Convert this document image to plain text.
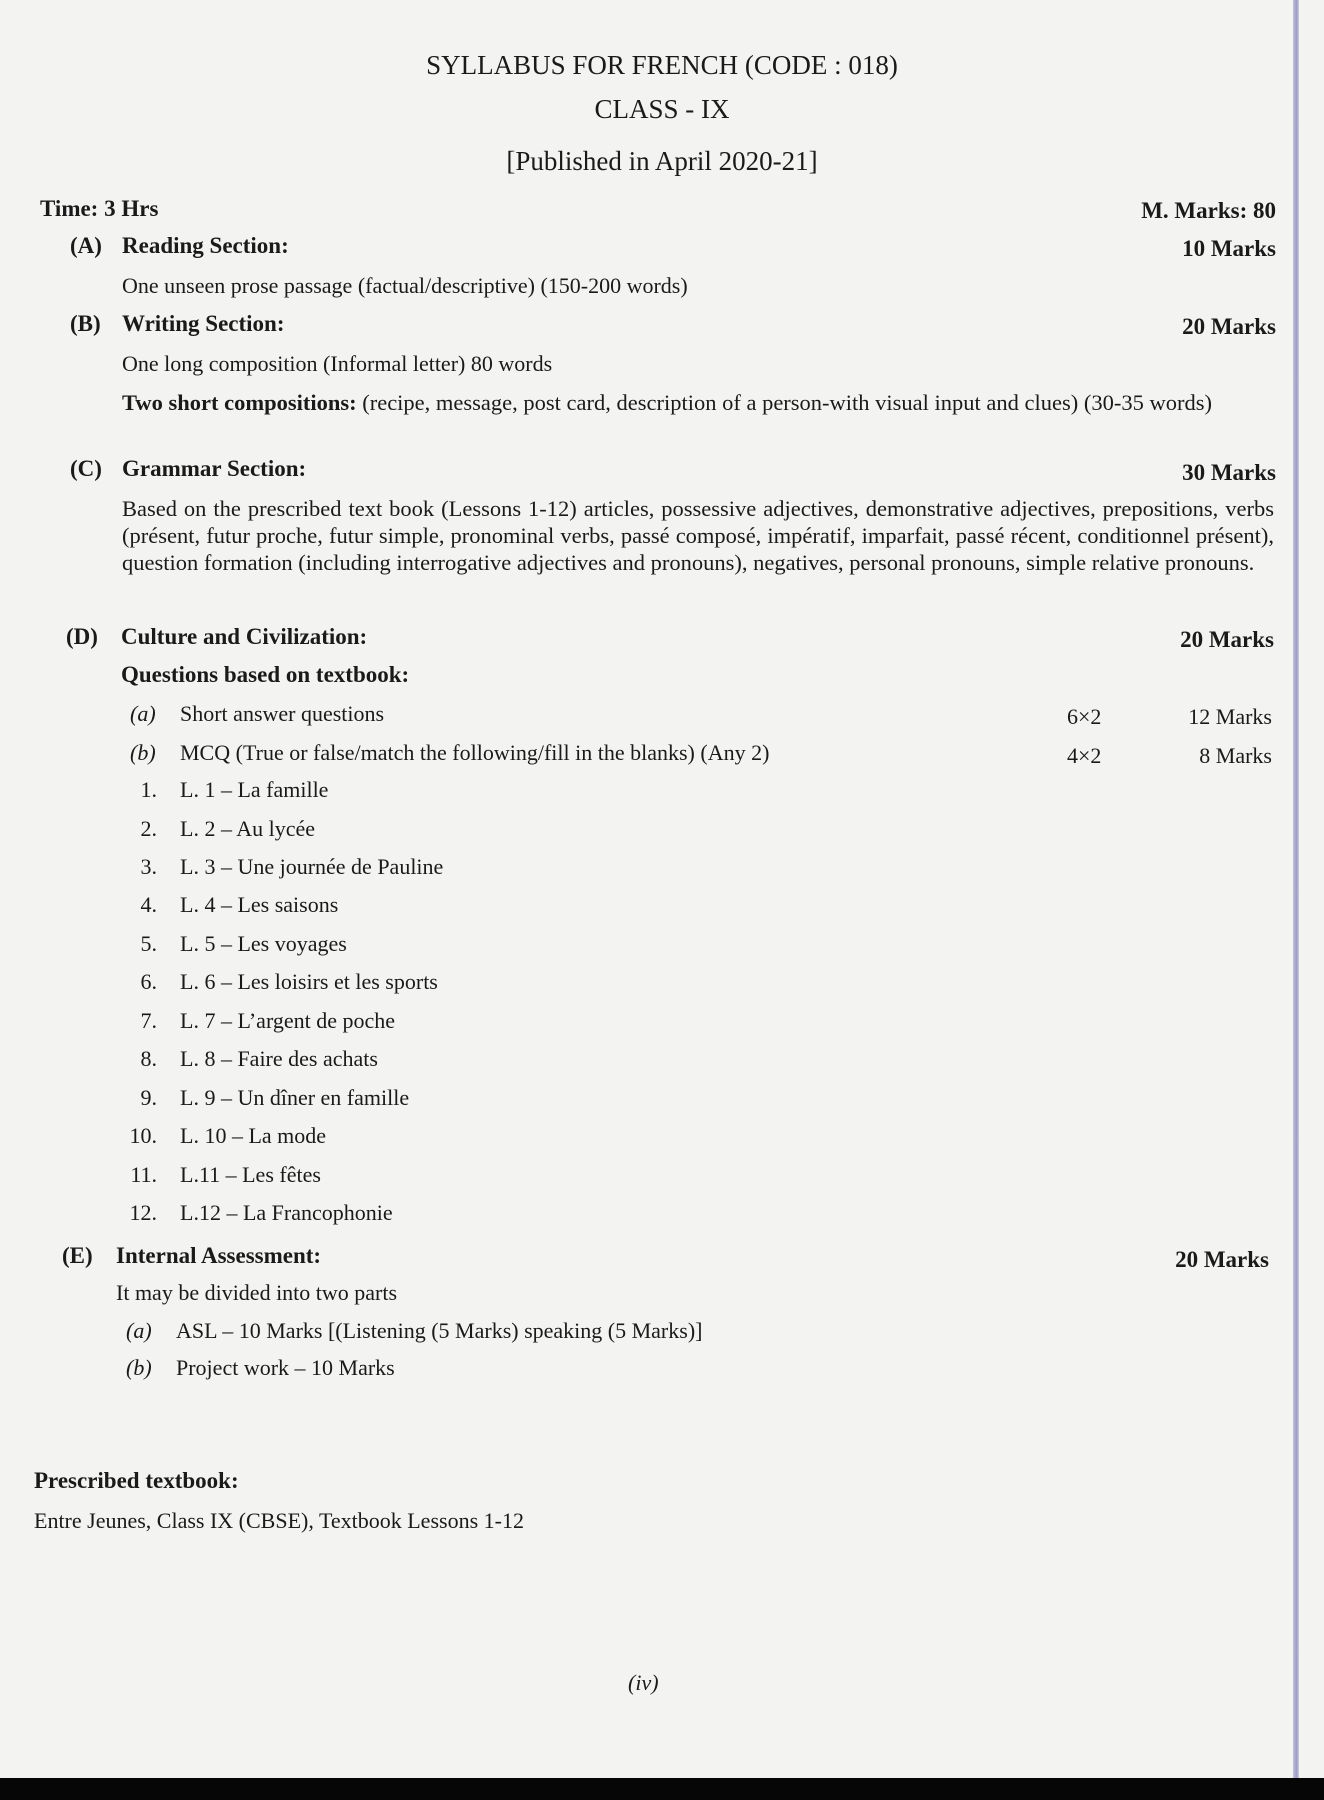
SYLLABUS FOR FRENCH (CODE : 018)
CLASS - IX
[Published in April 2020-21]
Time: 3 Hrs	M. Marks: 80
(A) Reading Section:	10 Marks
One unseen prose passage (factual/descriptive) (150-200 words)
(B) Writing Section:	20 Marks
One long composition (Informal letter) 80 words
Two short compositions: (recipe, message, post card, description of a person-with visual input and clues) (30-35 words)
(C) Grammar Section:	30 Marks
Based on the prescribed text book (Lessons 1-12) articles, possessive adjectives, demonstrative adjectives, prepositions, verbs (présent, futur proche, futur simple, pronominal verbs, passé composé, impératif, imparfait, passé récent, conditionnel présent), question formation (including interrogative adjectives and pronouns), negatives, personal pronouns, simple relative pronouns.
(D) Culture and Civilization:	20 Marks
Questions based on textbook:
(a) Short answer questions	6×2	12 Marks
(b) MCQ (True or false/match the following/fill in the blanks) (Any 2)	4×2	8 Marks
1. L. 1 – La famille
2. L. 2 – Au lycée
3. L. 3 – Une journée de Pauline
4. L. 4 – Les saisons
5. L. 5 – Les voyages
6. L. 6 – Les loisirs et les sports
7. L. 7 – L’argent de poche
8. L. 8 – Faire des achats
9. L. 9 – Un dîner en famille
10. L. 10 – La mode
11. L.11 – Les fêtes
12. L.12 – La Francophonie
(E) Internal Assessment:	20 Marks
It may be divided into two parts
(a) ASL – 10 Marks [(Listening (5 Marks) speaking (5 Marks)]
(b) Project work – 10 Marks
Prescribed textbook:
Entre Jeunes, Class IX (CBSE), Textbook Lessons 1-12
(iv)
